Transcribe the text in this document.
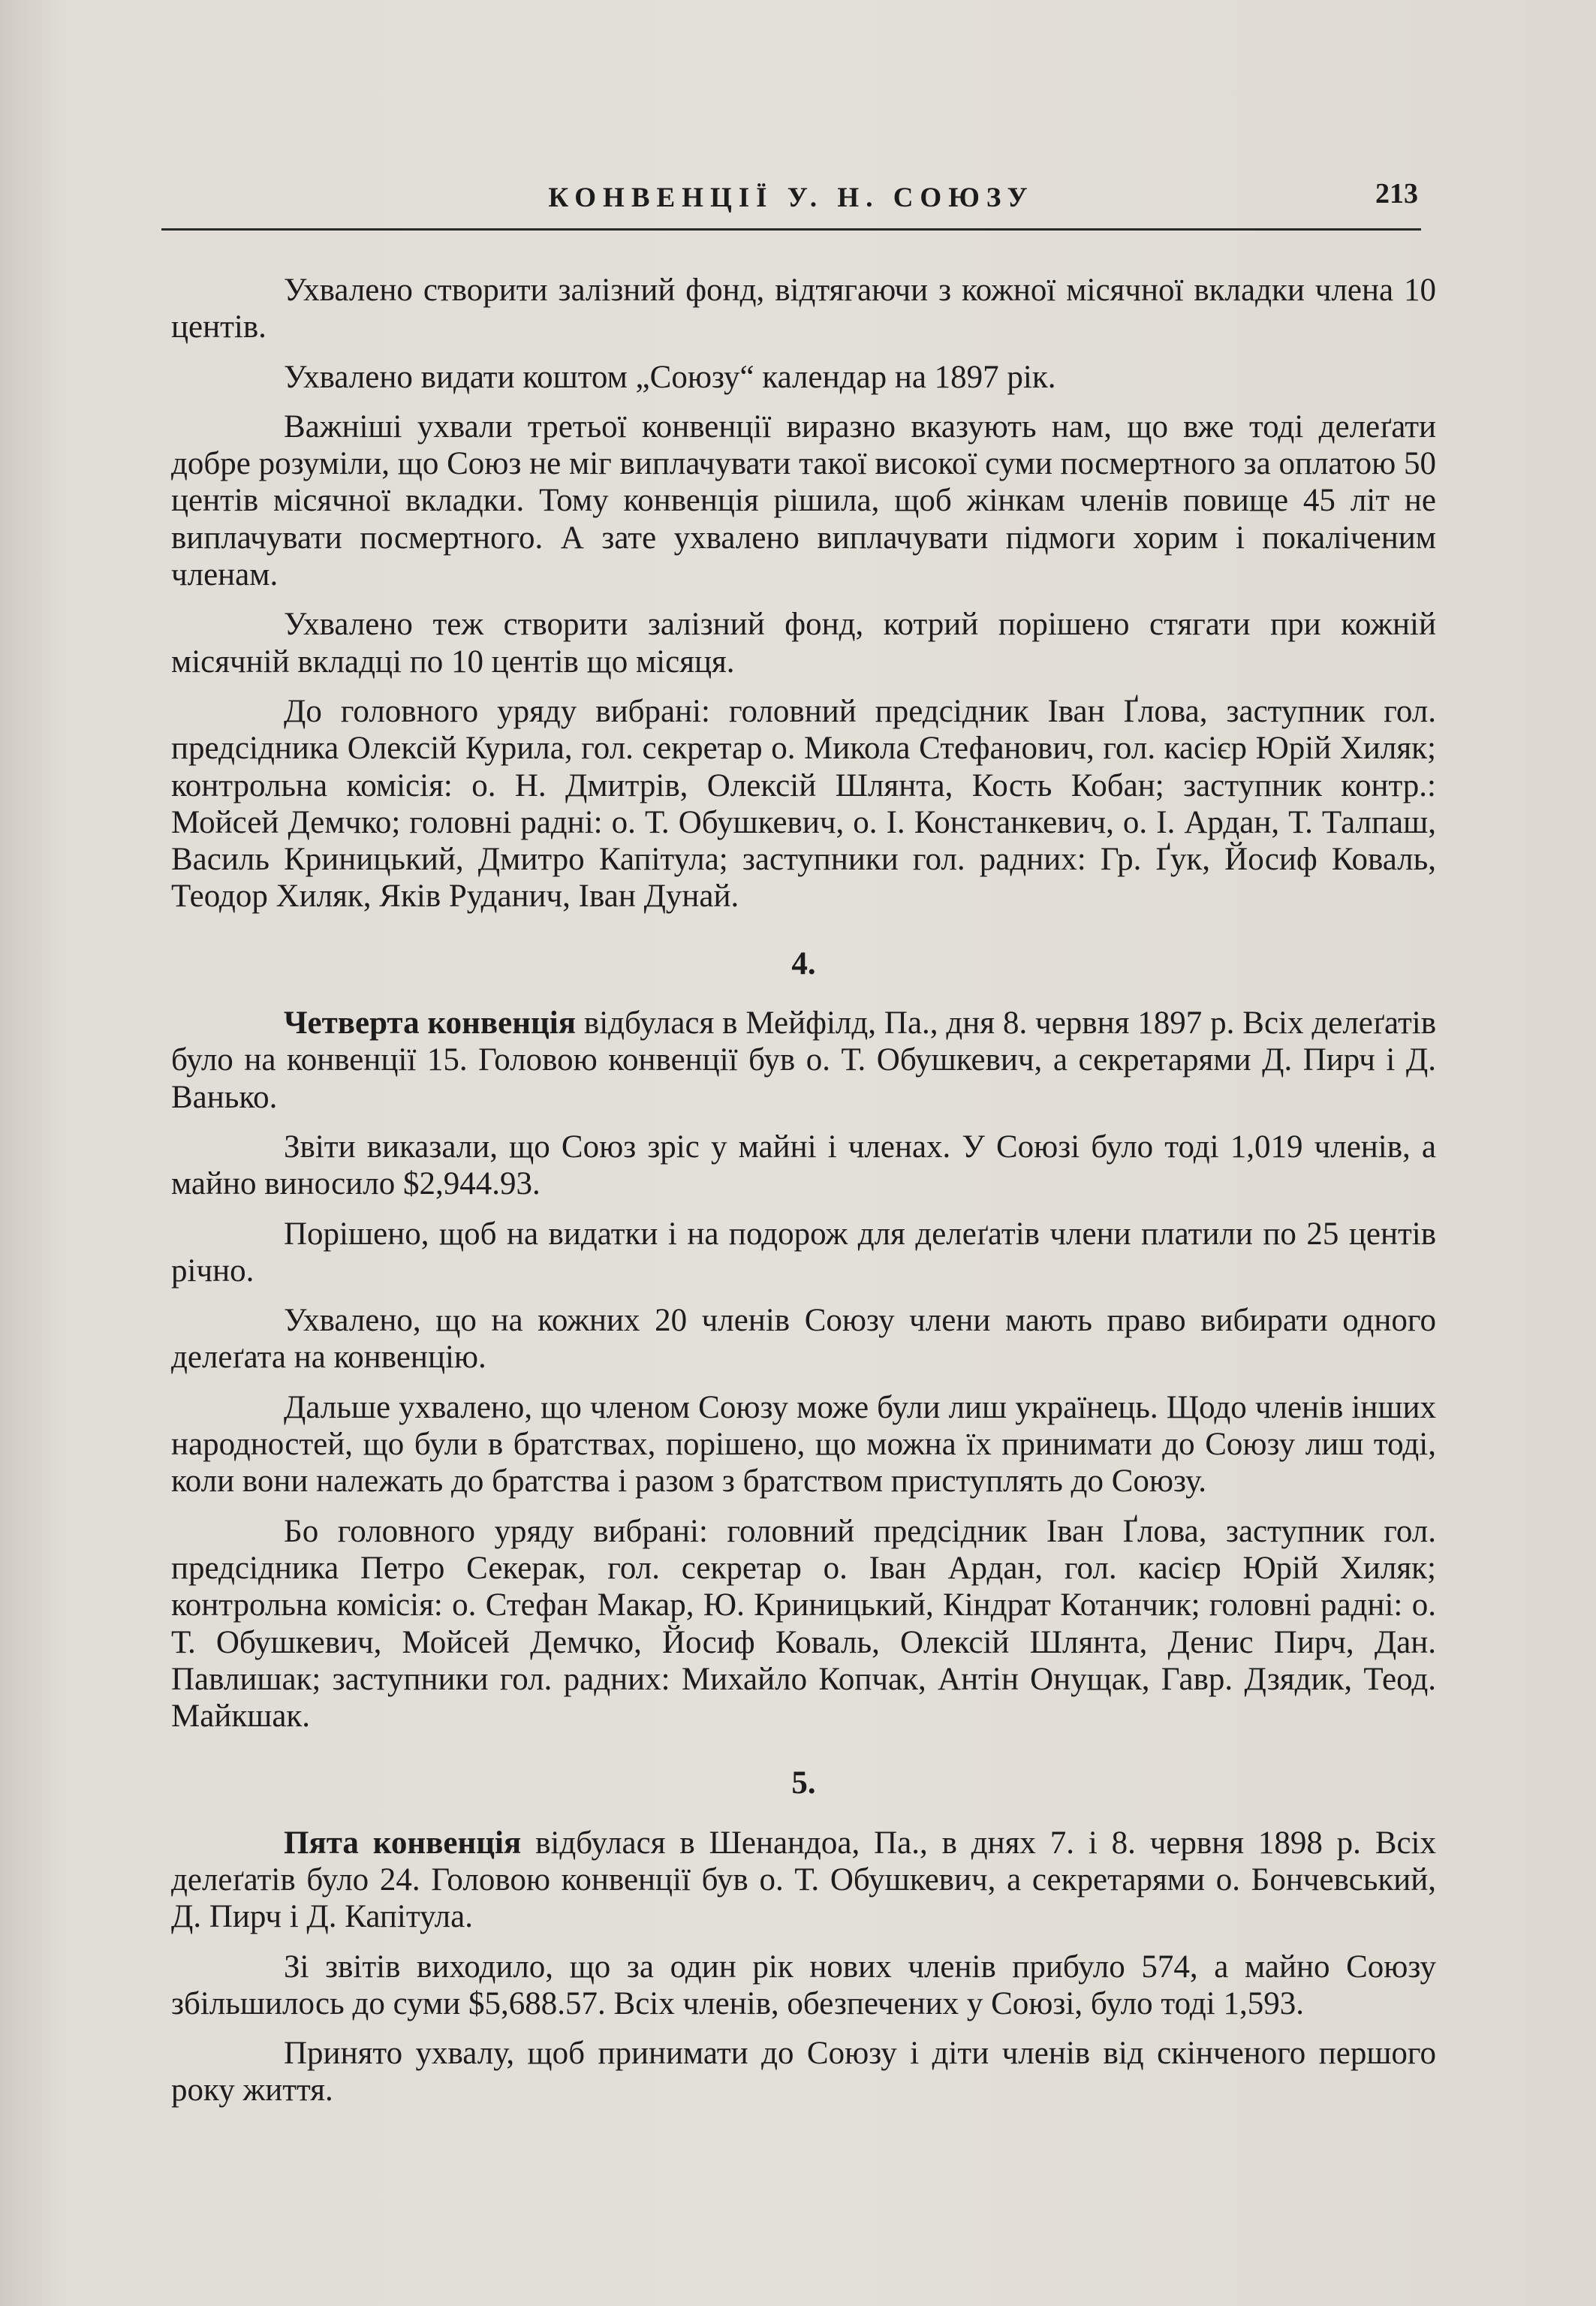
КОНВЕНЦІЇ У. Н. СОЮЗУ	213

Ухвалено створити залізний фонд, відтягаючи з кожної місячної вкладки члена 10 центів.

Ухвалено видати коштом „Союзу“ календар на 1897 рік.

Важніші ухвали третьої конвенції виразно вказують нам, що вже тоді делеґати добре розуміли, що Союз не міг виплачувати такої високої суми посмертного за оплатою 50 центів місячної вкладки. Тому конвенція рішила, щоб жінкам членів повище 45 літ не виплачувати посмертного. А зате ухвалено виплачувати підмоги хорим і покаліченим членам.

Ухвалено теж створити залізний фонд, котрий порішено стягати при кожній місячній вкладці по 10 центів що місяця.

До головного уряду вибрані: головний предсідник Іван Ґлова, заступник гол. предсідника Олексій Курила, гол. секретар о. Микола Стефанович, гол. касієр Юрій Хиляк; контрольна комісія: о. Н. Дмитрів, Олексій Шлянта, Кость Кобан; заступник контр.: Мойсей Демчко; головні радні: о. Т. Обушкевич, о. І. Констанкевич, о. І. Ардан, Т. Талпаш, Василь Криницький, Дмитро Капітула; заступники гол. радних: Гр. Ґук, Йосиф Коваль, Теодор Хиляк, Яків Руданич, Іван Дунай.

4.

Четверта конвенція відбулася в Мейфілд, Па., дня 8. червня 1897 р. Всіх делеґатів було на конвенції 15. Головою конвенції був о. Т. Обушкевич, а секретарями Д. Пирч і Д. Ванько.

Звіти виказали, що Союз зріс у майні і членах. У Союзі було тоді 1,019 членів, а майно виносило $2,944.93.

Порішено, щоб на видатки і на подорож для делеґатів члени платили по 25 центів річно.

Ухвалено, що на кожних 20 членів Союзу члени мають право вибирати одного делеґата на конвенцію.

Дальше ухвалено, що членом Союзу може були лиш українець. Щодо членів інших народностей, що були в братствах, порішено, що можна їх принимати до Союзу лиш тоді, коли вони належать до братства і разом з братством приступлять до Союзу.

Бо головного уряду вибрані: головний предсідник Іван Ґлова, заступник гол. предсідника Петро Секерак, гол. секретар о. Іван Ардан, гол. касієр Юрій Хиляк; контрольна комісія: о. Стефан Макар, Ю. Криницький, Кіндрат Котанчик; головні радні: о. Т. Обушкевич, Мойсей Демчко, Йосиф Коваль, Олексій Шлянта, Денис Пирч, Дан. Павлишак; заступники гол. радних: Михайло Копчак, Антін Онущак, Гавр. Дзядик, Теод. Майкшак.

5.

Пята конвенція відбулася в Шенандоа, Па., в днях 7. і 8. червня 1898 р. Всіх делеґатів було 24. Головою конвенції був о. Т. Обушкевич, а секретарями о. Бончевський, Д. Пирч і Д. Капітула.

Зі звітів виходило, що за один рік нових членів прибуло 574, а майно Союзу збільшилось до суми $5,688.57. Всіх членів, обезпечених у Союзі, було тоді 1,593.

Принято ухвалу, щоб принимати до Союзу і діти членів від скінченого першого року життя.
